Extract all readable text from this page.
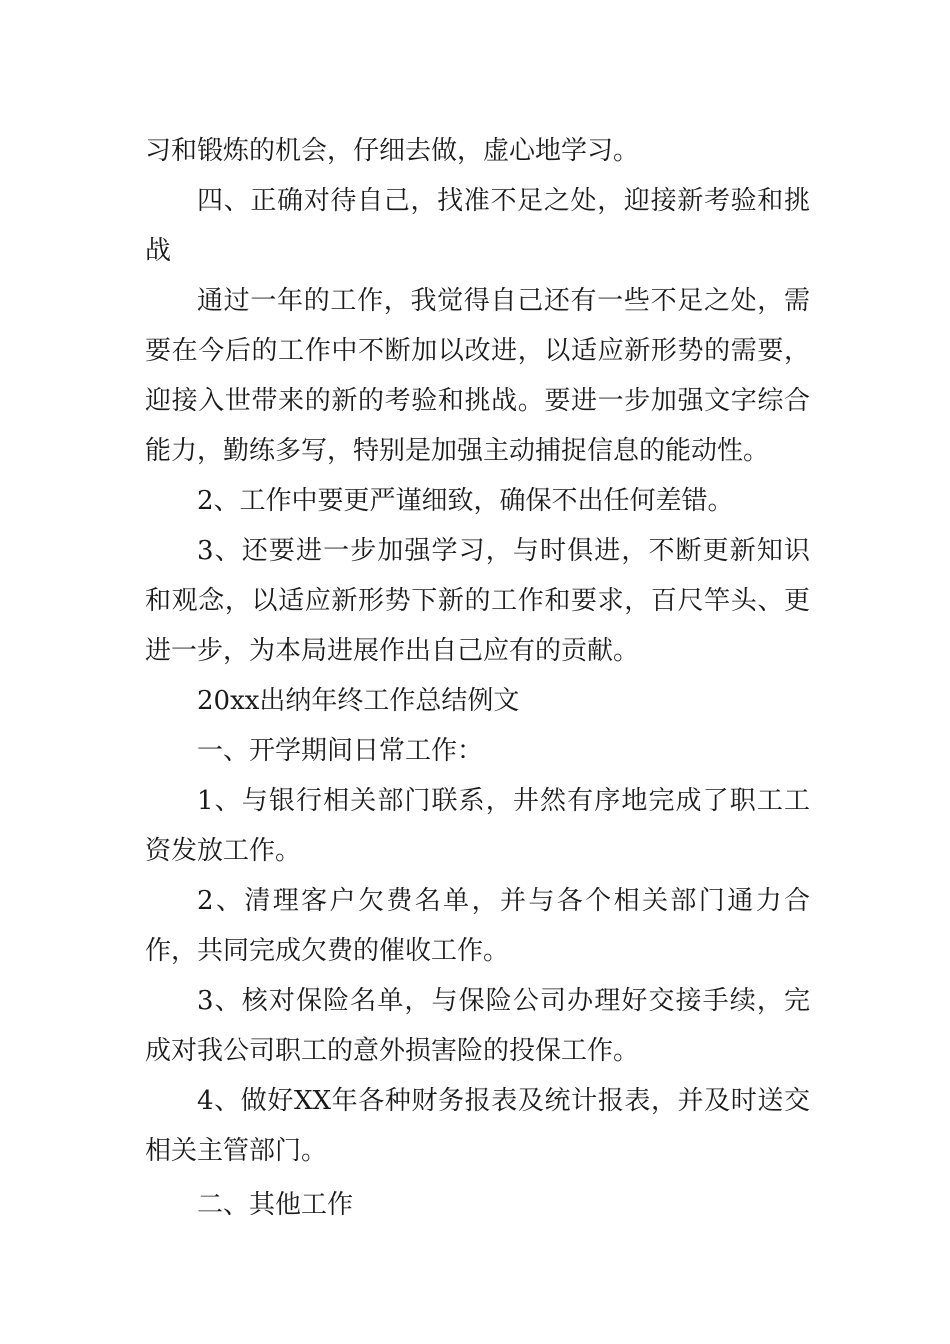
习和锻炼的机会，仔细去做，虚心地学习。

四、正确对待自己，找准不足之处，迎接新考验和挑战

通过一年的工作，我觉得自己还有一些不足之处，需要在今后的工作中不断加以改进，以适应新形势的需要，迎接入世带来的新的考验和挑战。要进一步加强文字综合能力，勤练多写，特别是加强主动捕捉信息的能动性。

2、工作中要更严谨细致，确保不出任何差错。

3、还要进一步加强学习，与时俱进，不断更新知识和观念，以适应新形势下新的工作和要求，百尺竿头、更进一步，为本局进展作出自己应有的贡献。

20xx出纳年终工作总结例文

一、开学期间日常工作：

1、与银行相关部门联系，井然有序地完成了职工工资发放工作。

2、清理客户欠费名单，并与各个相关部门通力合作，共同完成欠费的催收工作。

3、核对保险名单，与保险公司办理好交接手续，完成对我公司职工的意外损害险的投保工作。

4、做好XX年各种财务报表及统计报表，并及时送交相关主管部门。

二、其他工作
